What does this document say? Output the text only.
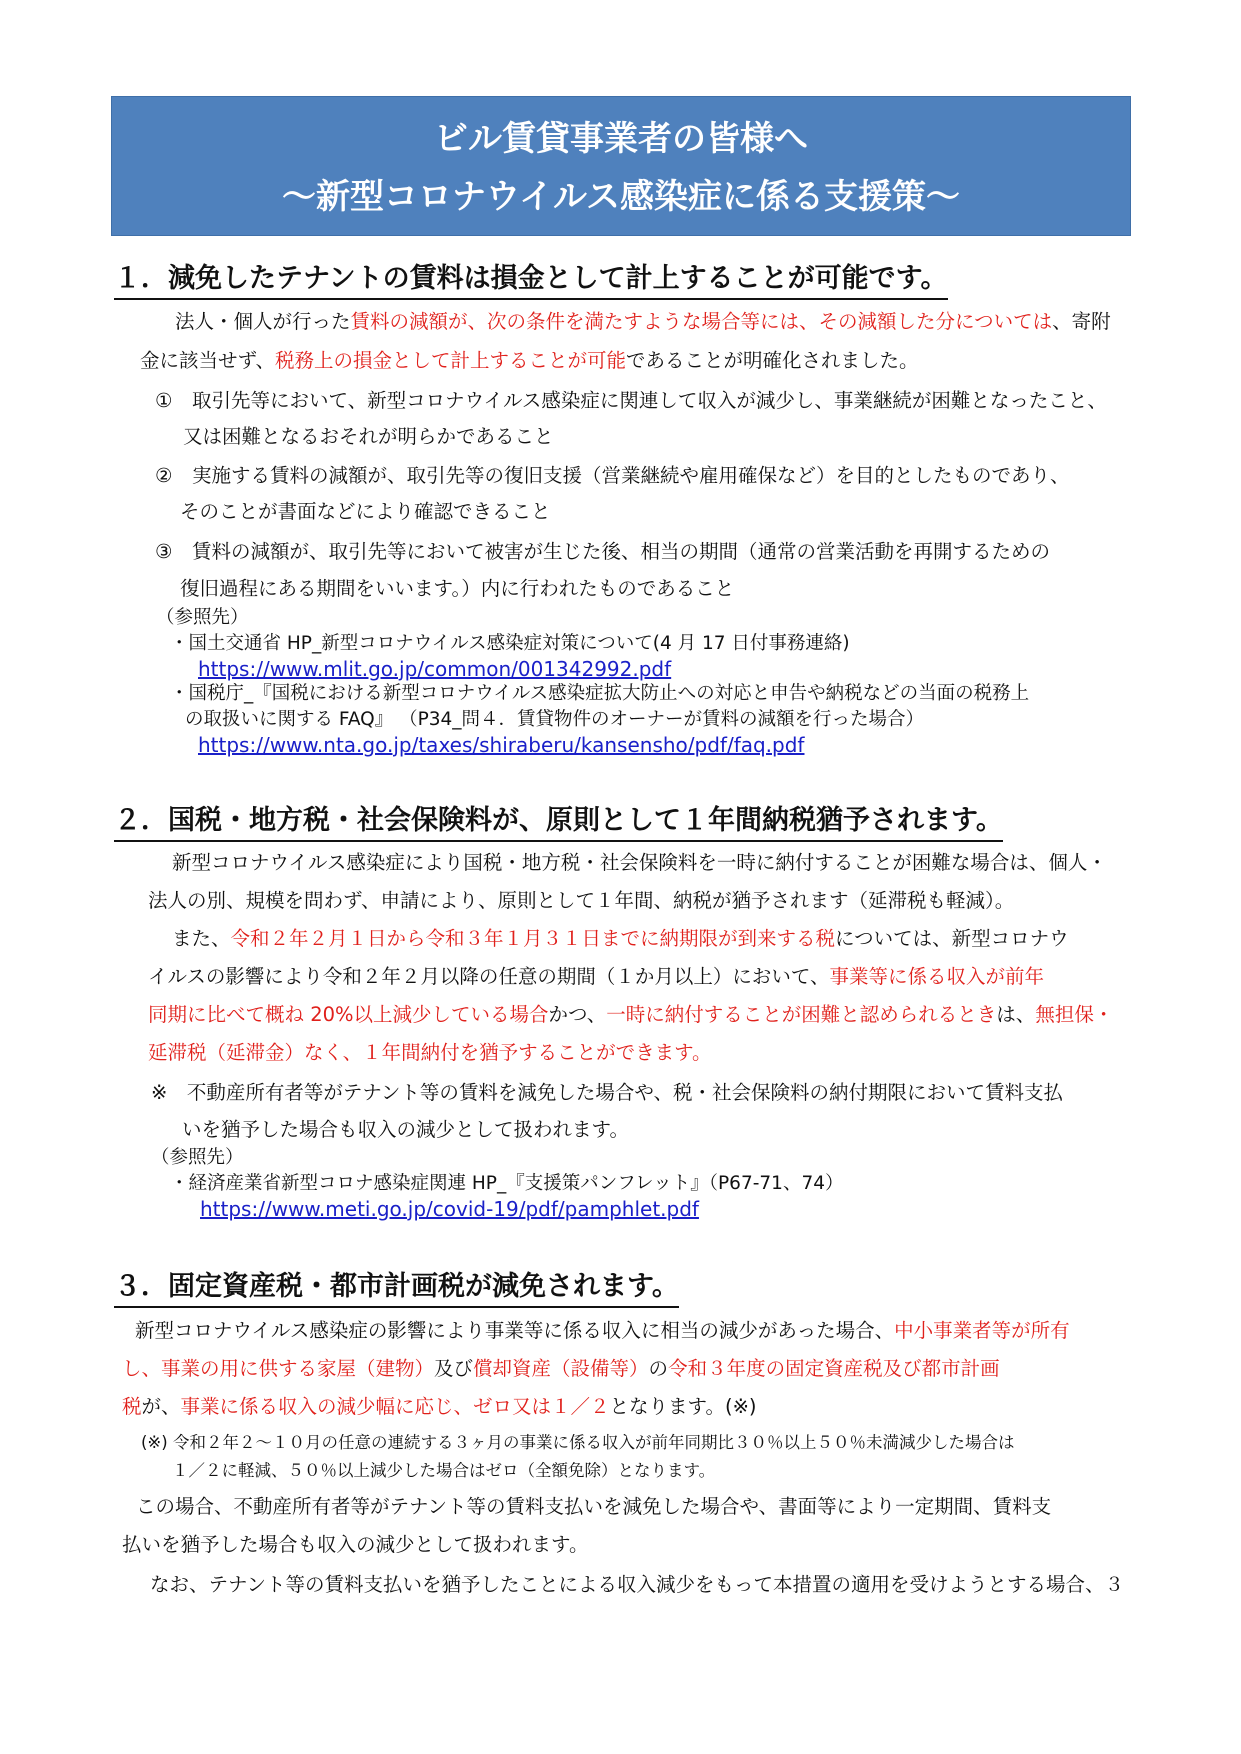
ビル賃貸事業者の皆様へ
～新型コロナウイルス感染症に係る支援策～
１．減免したテナントの賃料は損金として計上することが可能です。
法人・個人が行った賃料の減額が、次の条件を満たすような場合等には、その減額した分については、寄附
金に該当せず、税務上の損金として計上することが可能であることが明確化されました。
①　取引先等において、新型コロナウイルス感染症に関連して収入が減少し、事業継続が困難となったこと、
又は困難となるおそれが明らかであること
②　実施する賃料の減額が、取引先等の復旧支援（営業継続や雇用確保など）を目的としたものであり、
そのことが書面などにより確認できること
③　賃料の減額が、取引先等において被害が生じた後、相当の期間（通常の営業活動を再開するための
復旧過程にある期間をいいます。）内に行われたものであること
（参照先）
・国土交通省 HP_新型コロナウイルス感染症対策について(4 月 17 日付事務連絡)
https://www.mlit.go.jp/common/001342992.pdf
・国税庁_『国税における新型コロナウイルス感染症拡大防止への対応と申告や納税などの当面の税務上
の取扱いに関する FAQ』 （P34_問４．賃貸物件のオーナーが賃料の減額を行った場合）
https://www.nta.go.jp/taxes/shiraberu/kansensho/pdf/faq.pdf
２．国税・地方税・社会保険料が、原則として１年間納税猶予されます。
新型コロナウイルス感染症により国税・地方税・社会保険料を一時に納付することが困難な場合は、個人・
法人の別、規模を問わず、申請により、原則として１年間、納税が猶予されます（延滞税も軽減）。
また、令和２年２月１日から令和３年１月３１日までに納期限が到来する税については、新型コロナウ
イルスの影響により令和２年２月以降の任意の期間（１か月以上）において、事業等に係る収入が前年
同期に比べて概ね 20%以上減少している場合かつ、一時に納付することが困難と認められるときは、無担保・
延滞税（延滞金）なく、１年間納付を猶予することができます。
※　不動産所有者等がテナント等の賃料を減免した場合や、税・社会保険料の納付期限において賃料支払
いを猶予した場合も収入の減少として扱われます。
（参照先）
・経済産業省新型コロナ感染症関連 HP_『支援策パンフレット』（P67-71、74）
https://www.meti.go.jp/covid-19/pdf/pamphlet.pdf
３．固定資産税・都市計画税が減免されます。
新型コロナウイルス感染症の影響により事業等に係る収入に相当の減少があった場合、中小事業者等が所有
し、事業の用に供する家屋（建物）及び償却資産（設備等）の令和３年度の固定資産税及び都市計画
税が、事業に係る収入の減少幅に応じ、ゼロ又は１／２となります。(※)
(※) 令和２年２～１０月の任意の連続する３ヶ月の事業に係る収入が前年同期比３０％以上５０％未満減少した場合は
１／２に軽減、５０％以上減少した場合はゼロ（全額免除）となります。
この場合、不動産所有者等がテナント等の賃料支払いを減免した場合や、書面等により一定期間、賃料支
払いを猶予した場合も収入の減少として扱われます。
なお、テナント等の賃料支払いを猶予したことによる収入減少をもって本措置の適用を受けようとする場合、３
